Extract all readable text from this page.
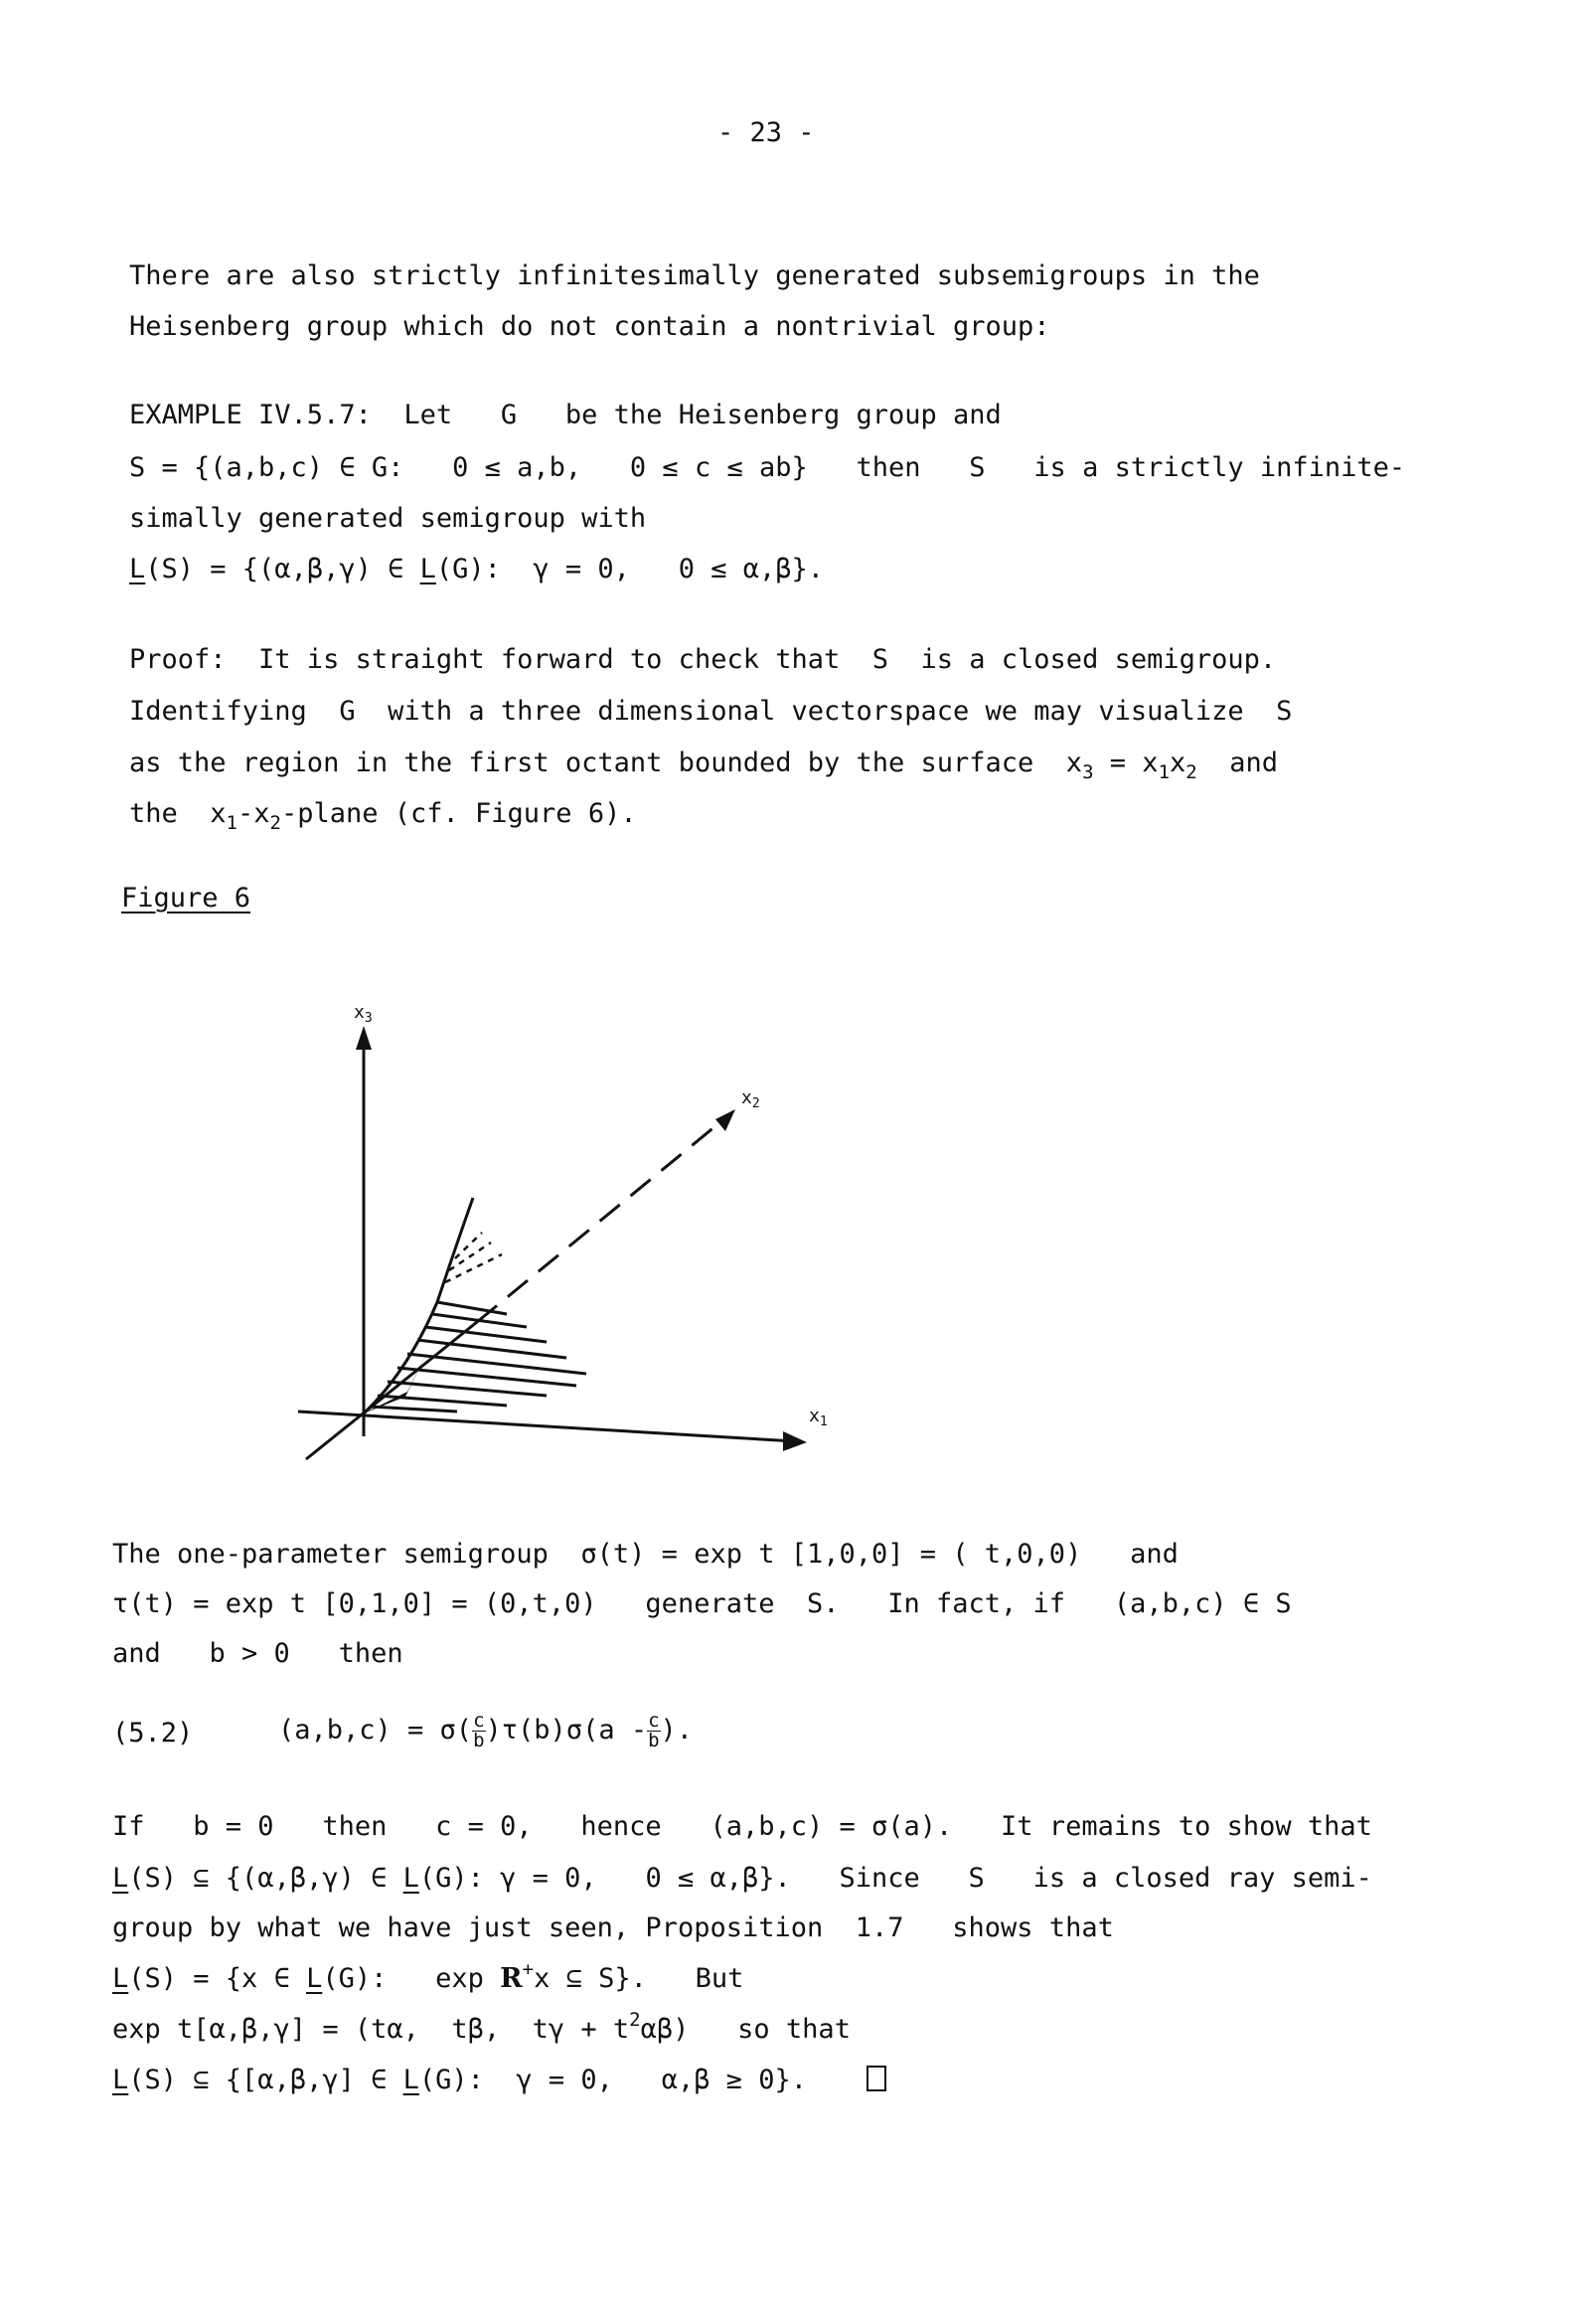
- 23 -
There are also strictly infinitesimally generated subsemigroups in the
Heisenberg group which do not contain a nontrivial group:
EXAMPLE IV.5.7: Let   G   be the Heisenberg group and
S = {(a,b,c) ∈ G:   0 ≤ a,b,   0 ≤ c ≤ ab}   then   S   is a strictly infinite-
simally generated semigroup with
L(S) = {(α,β,γ) ∈ L(G):  γ = 0,   0 ≤ α,β}.
Proof:  It is straight forward to check that  S  is a closed semigroup.
Identifying  G  with a three dimensional vectorspace we may visualize  S
as the region in the first octant bounded by the surface  $x_3 = x_1x_2$  and
the  $x_1-x_2$-plane (cf. Figure 6).
Figure 6
$x_3$
$x_1$
$x_2$
The one-parameter semigroup  σ(t) = exp t [1,0,0] = ( t,0,0)   and
τ(t) = exp t [0,1,0] = (0,t,0)   generate  S.   In fact, if   (a,b,c) ∈ S
and   b > 0   then
(5.2)	$(a,b,c) = \sigma( \frac{c}{b} )\tau(b)\sigma(a - \frac{c}{b}$ ).
If   b = 0   then   c = 0,   hence   (a,b,c) = σ(a).   It remains to show that
L(S) ⊆ {(α,β,γ) ∈ L(G): γ = 0,   0 ≤ α,β}.   Since   S   is a closed ray semi-
group by what we have just seen, Proposition  1.7   shows that
L(S) = {x ∈ L(G):   exp R+x ⊆ S}.   But
exp t[α,β,γ] = (tα,  tβ,  $t\gamma + t^2\alpha\beta$)   so that
L(S) ⊆ {[α,β,γ] ∈ L(G):  γ = 0,   α,β ≥ 0}.
